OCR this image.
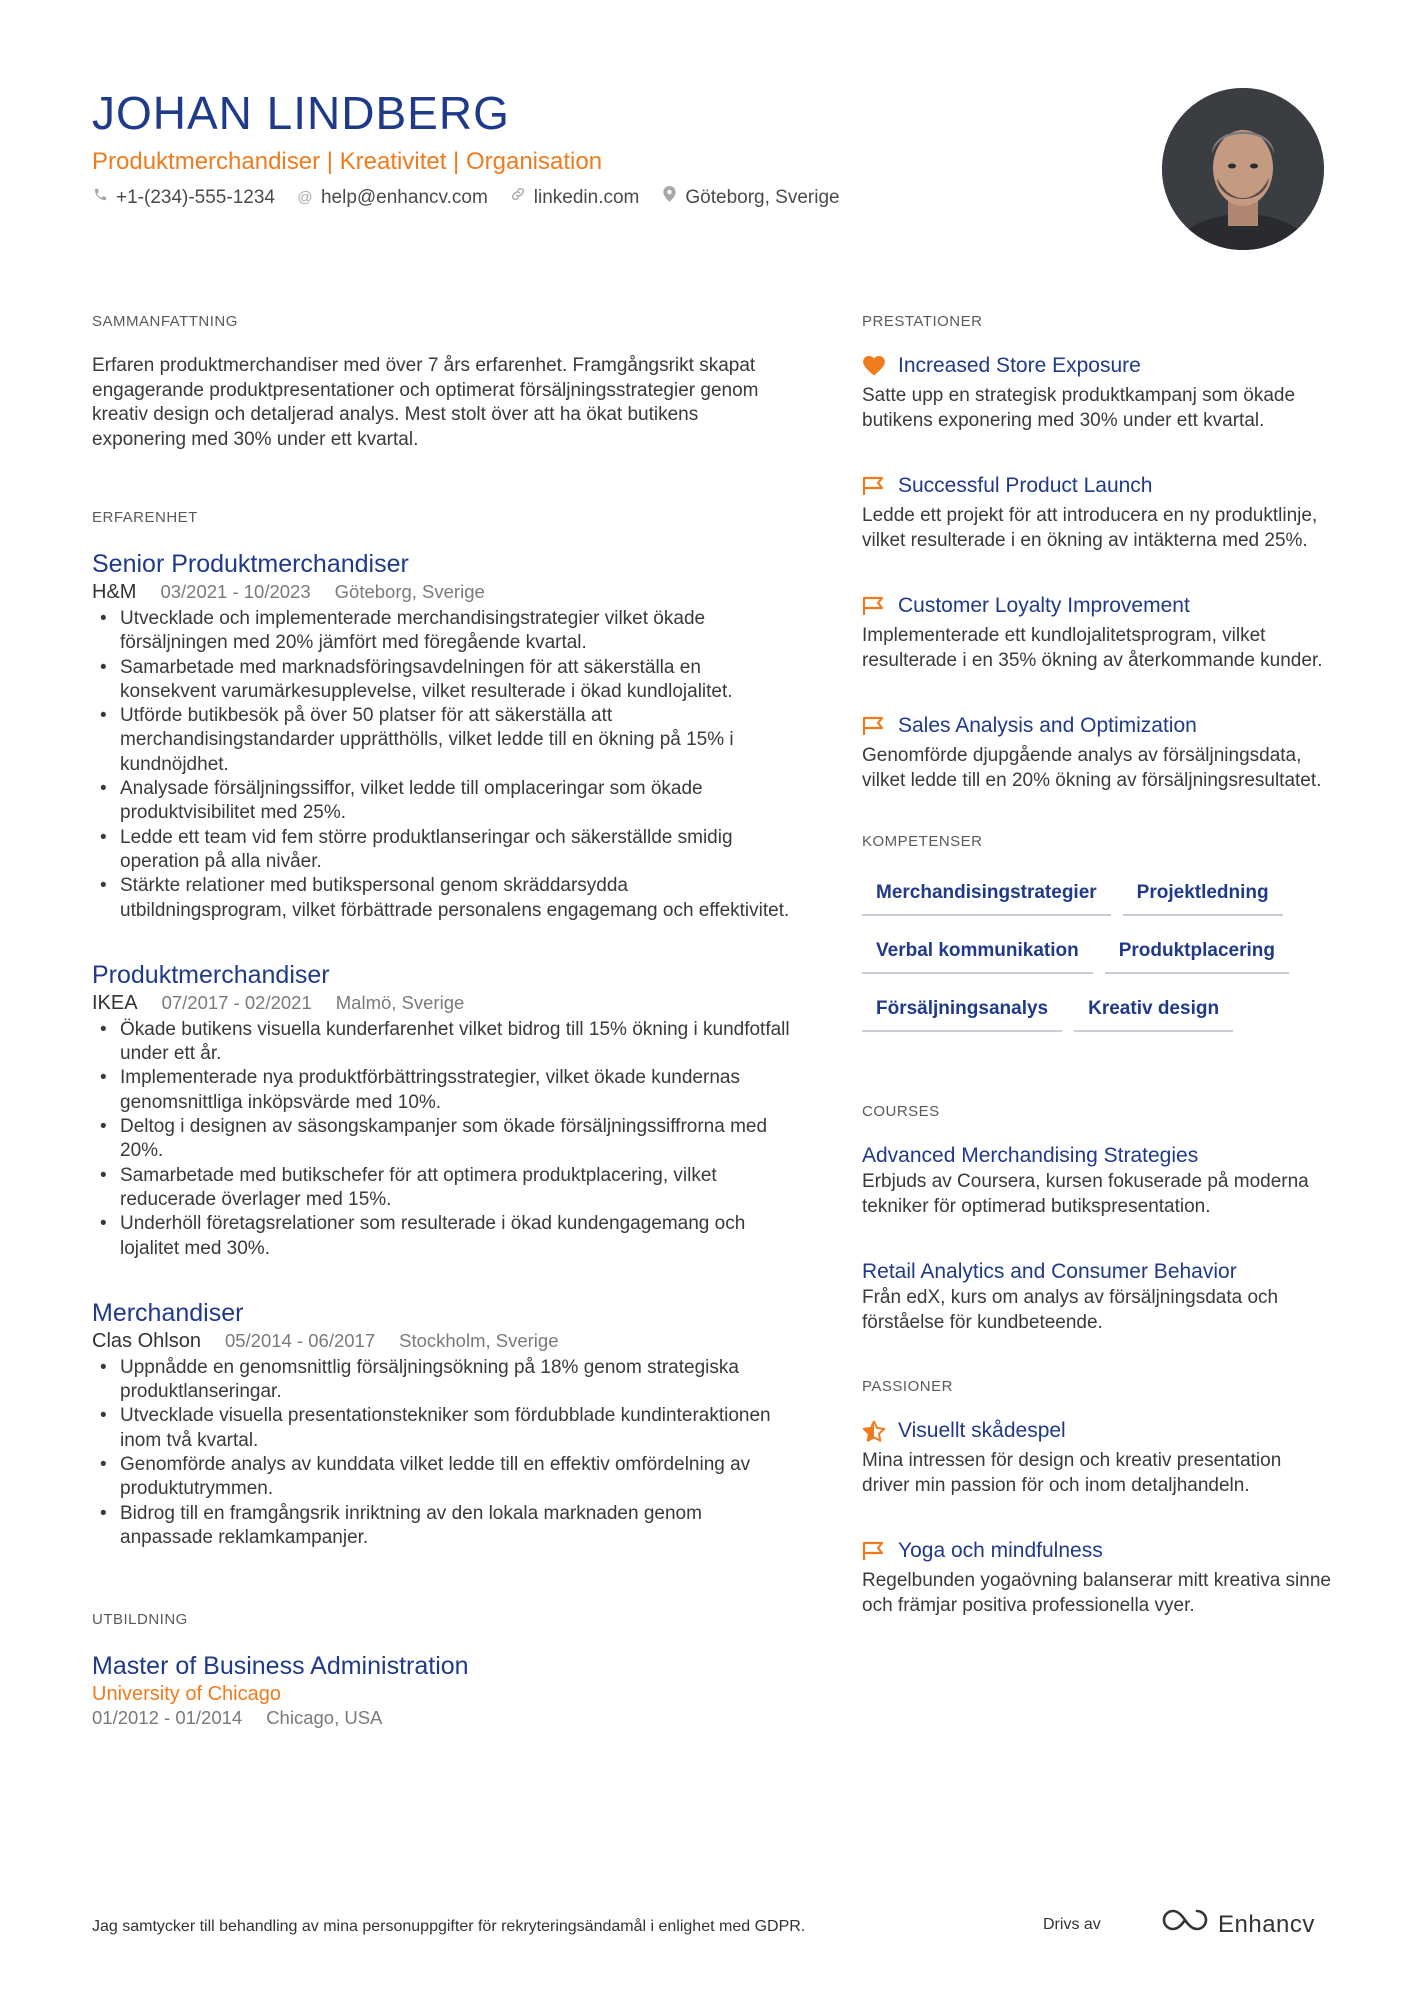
JOHAN LINDBERG
Produktmerchandiser | Kreativitet | Organisation
+1-(234)-555-1234 @ help@enhancv.com linkedin.com Göteborg, Sverige
SAMMANFATTNING
Erfaren produktmerchandiser med över 7 års erfarenhet. Framgångsrikt skapat engagerande produktpresentationer och optimerat försäljningsstrategier genom kreativ design och detaljerad analys. Mest stolt över att ha ökat butikens exponering med 30% under ett kvartal.
ERFARENHET
Senior Produktmerchandiser
H&M 03/2021 - 10/2023 Göteborg, Sverige
• Utvecklade och implementerade merchandisingstrategier vilket ökade försäljningen med 20% jämfört med föregående kvartal.
• Samarbetade med marknadsföringsavdelningen för att säkerställa en konsekvent varumärkesupplevelse, vilket resulterade i ökad kundlojalitet.
• Utförde butikbesök på över 50 platser för att säkerställa att merchandisingstandarder upprätthölls, vilket ledde till en ökning på 15% i kundnöjdhet.
• Analysade försäljningssiffor, vilket ledde till omplaceringar som ökade produktvisibilitet med 25%.
• Ledde ett team vid fem större produktlanseringar och säkerställde smidig operation på alla nivåer.
• Stärkte relationer med butikspersonal genom skräddarsydda utbildningsprogram, vilket förbättrade personalens engagemang och effektivitet.
Produktmerchandiser
IKEA 07/2017 - 02/2021 Malmö, Sverige
• Ökade butikens visuella kunderfarenhet vilket bidrog till 15% ökning i kundfotfall under ett år.
• Implementerade nya produktförbättringsstrategier, vilket ökade kundernas genomsnittliga inköpsvärde med 10%.
• Deltog i designen av säsongskampanjer som ökade försäljningssiffrorna med 20%.
• Samarbetade med butikschefer för att optimera produktplacering, vilket reducerade överlager med 15%.
• Underhöll företagsrelationer som resulterade i ökad kundengagemang och lojalitet med 30%.
Merchandiser
Clas Ohlson 05/2014 - 06/2017 Stockholm, Sverige
• Uppnådde en genomsnittlig försäljningsökning på 18% genom strategiska produktlanseringar.
• Utvecklade visuella presentationstekniker som fördubblade kundinteraktionen inom två kvartal.
• Genomförde analys av kunddata vilket ledde till en effektiv omfördelning av produktutrymmen.
• Bidrog till en framgångsrik inriktning av den lokala marknaden genom anpassade reklamkampanjer.
UTBILDNING
Master of Business Administration
University of Chicago
01/2012 - 01/2014 Chicago, USA
PRESTATIONER
Increased Store Exposure
Satte upp en strategisk produktkampanj som ökade butikens exponering med 30% under ett kvartal.
Successful Product Launch
Ledde ett projekt för att introducera en ny produktlinje, vilket resulterade i en ökning av intäkterna med 25%.
Customer Loyalty Improvement
Implementerade ett kundlojalitetsprogram, vilket resulterade i en 35% ökning av återkommande kunder.
Sales Analysis and Optimization
Genomförde djupgående analys av försäljningsdata, vilket ledde till en 20% ökning av försäljningsresultatet.
KOMPETENSER
Merchandisingstrategier	Projektledning
Verbal kommunikation	Produktplacering
Försäljningsanalys	Kreativ design
COURSES
Advanced Merchandising Strategies
Erbjuds av Coursera, kursen fokuserade på moderna tekniker för optimerad butikspresentation.
Retail Analytics and Consumer Behavior
Från edX, kurs om analys av försäljningsdata och förståelse för kundbeteende.
PASSIONER
Visuellt skådespel
Mina intressen för design och kreativ presentation driver min passion för och inom detaljhandeln.
Yoga och mindfulness
Regelbunden yogaövning balanserar mitt kreativa sinne och främjar positiva professionella vyer.
Jag samtycker till behandling av mina personuppgifter för rekryteringsändamål i enlighet med GDPR.	Drivs av	Enhancv
